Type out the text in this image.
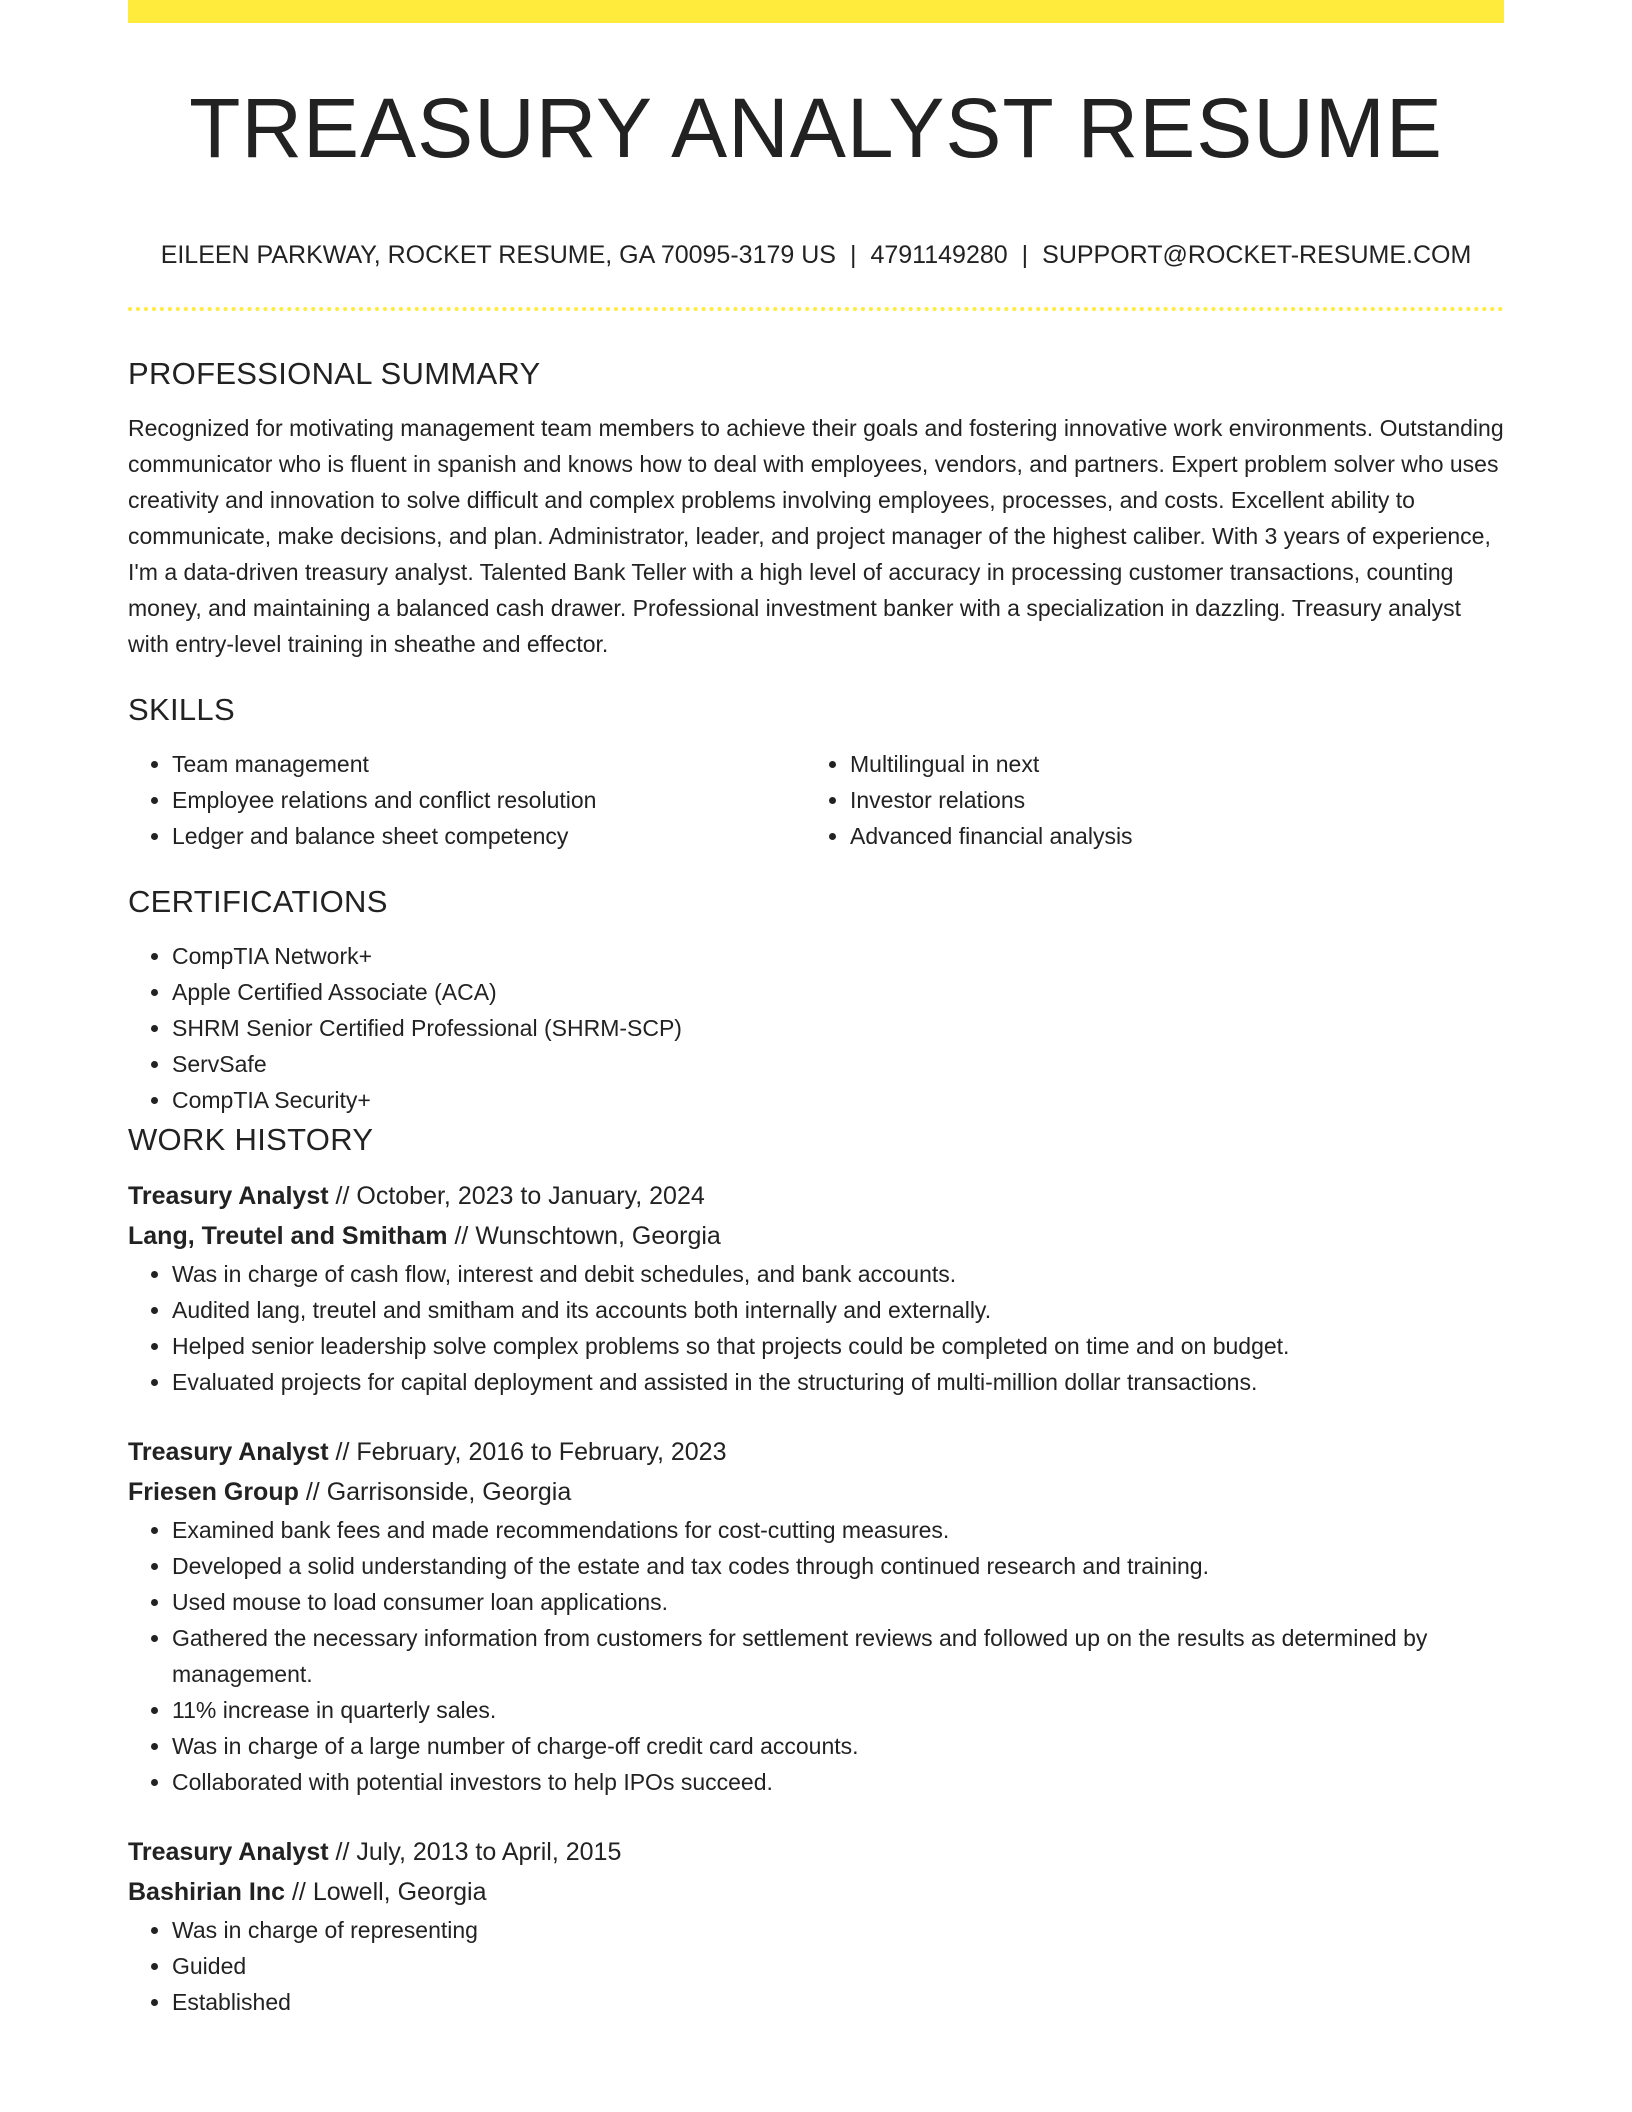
TREASURY ANALYST RESUME
EILEEN PARKWAY, ROCKET RESUME, GA 70095-3179 US | 4791149280 | SUPPORT@ROCKET-RESUME.COM
PROFESSIONAL SUMMARY

Recognized for motivating management team members to achieve their goals and fostering innovative work environments. Outstanding communicator who is fluent in spanish and knows how to deal with employees, vendors, and partners. Expert problem solver who uses creativity and innovation to solve difficult and complex problems involving employees, processes, and costs. Excellent ability to communicate, make decisions, and plan. Administrator, leader, and project manager of the highest caliber. With 3 years of experience, I'm a data-driven treasury analyst. Talented Bank Teller with a high level of accuracy in processing customer transactions, counting money, and maintaining a balanced cash drawer. Professional investment banker with a specialization in dazzling. Treasury analyst with entry-level training in sheathe and effector.

SKILLS
• Team management
• Employee relations and conflict resolution
• Ledger and balance sheet competency
• Multilingual in next
• Investor relations
• Advanced financial analysis
CERTIFICATIONS
• CompTIA Network+
• Apple Certified Associate (ACA)
• SHRM Senior Certified Professional (SHRM-SCP)
• ServSafe
• CompTIA Security+
WORK HISTORY
Treasury Analyst // October, 2023 to January, 2024
Lang, Treutel and Smitham // Wunschtown, Georgia
• Was in charge of cash flow, interest and debit schedules, and bank accounts.
• Audited lang, treutel and smitham and its accounts both internally and externally.
• Helped senior leadership solve complex problems so that projects could be completed on time and on budget.
• Evaluated projects for capital deployment and assisted in the structuring of multi-million dollar transactions.
Treasury Analyst // February, 2016 to February, 2023
Friesen Group // Garrisonside, Georgia
• Examined bank fees and made recommendations for cost-cutting measures.
• Developed a solid understanding of the estate and tax codes through continued research and training.
• Used mouse to load consumer loan applications.
• Gathered the necessary information from customers for settlement reviews and followed up on the results as determined by management.
• 11% increase in quarterly sales.
• Was in charge of a large number of charge-off credit card accounts.
• Collaborated with potential investors to help IPOs succeed.
Treasury Analyst // July, 2013 to April, 2015
Bashirian Inc // Lowell, Georgia
• Was in charge of representing
• Guided
• Established
